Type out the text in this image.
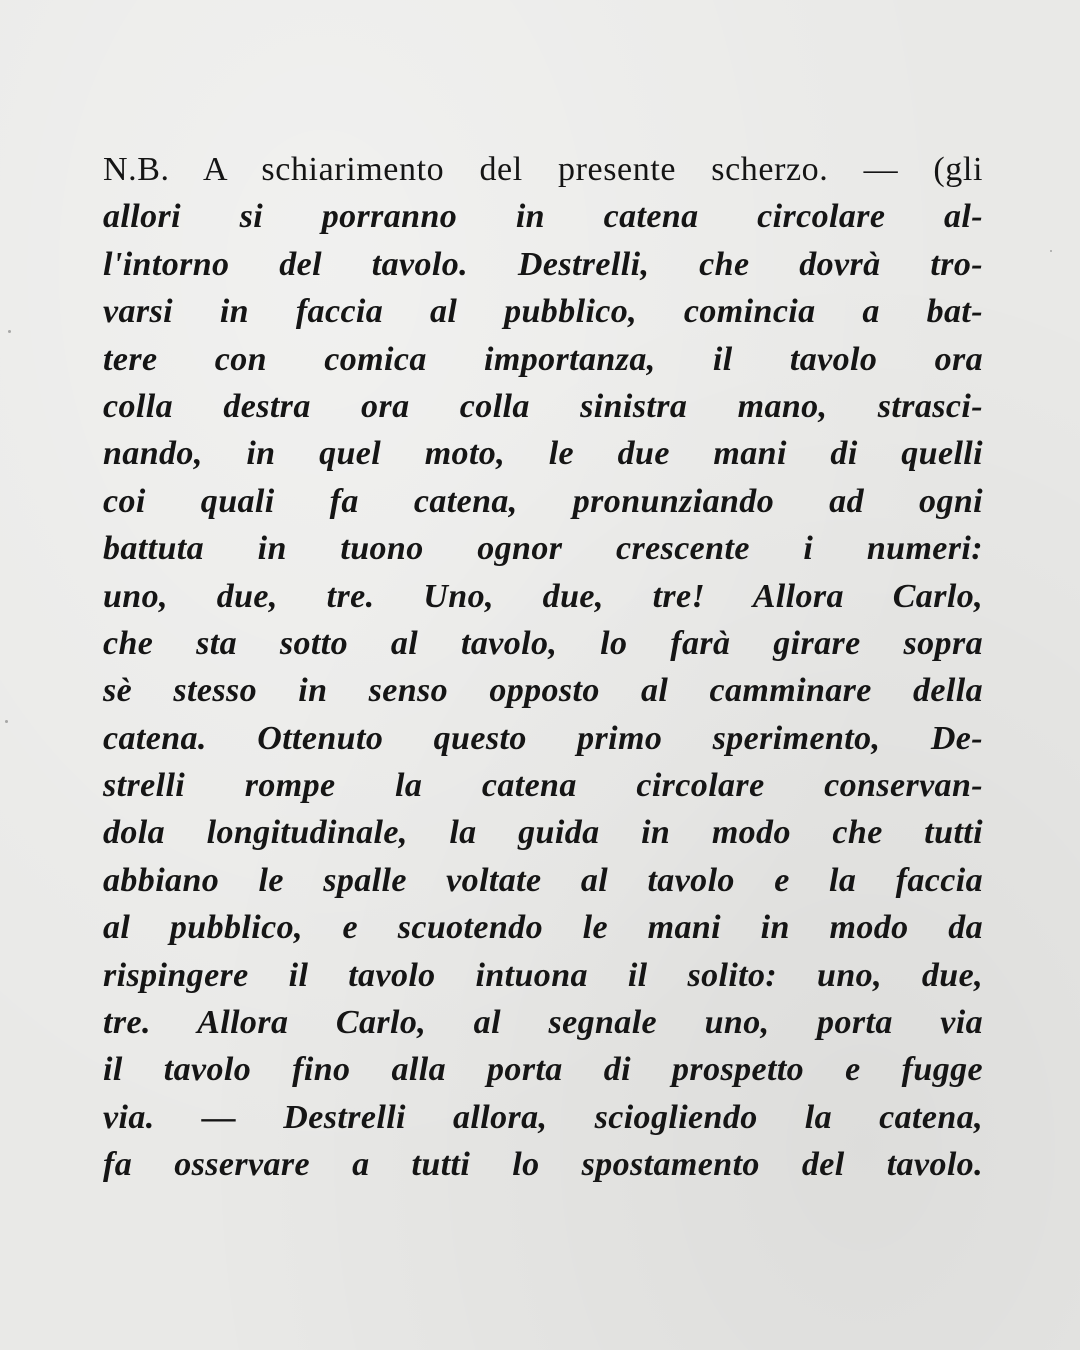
N.B. A schiarimento del presente scherzo. — (gli
allori si porranno in catena circolare al-
l'intorno del tavolo. Destrelli, che dovrà tro-
varsi in faccia al pubblico, comincia a bat-
tere con comica importanza, il tavolo ora
colla destra ora colla sinistra mano, strasci-
nando, in quel moto, le due mani di quelli
coi quali fa catena, pronunziando ad ogni
battuta in tuono ognor crescente i numeri:
uno, due, tre. Uno, due, tre! Allora Carlo,
che sta sotto al tavolo, lo farà girare sopra
sè stesso in senso opposto al camminare della
catena. Ottenuto questo primo sperimento, De-
strelli rompe la catena circolare conservan-
dola longitudinale, la guida in modo che tutti
abbiano le spalle voltate al tavolo e la faccia
al pubblico, e scuotendo le mani in modo da
rispingere il tavolo intuona il solito: uno, due,
tre. Allora Carlo, al segnale uno, porta via
il tavolo fino alla porta di prospetto e fugge
via. — Destrelli allora, sciogliendo la catena,
fa osservare a tutti lo spostamento del tavolo.
